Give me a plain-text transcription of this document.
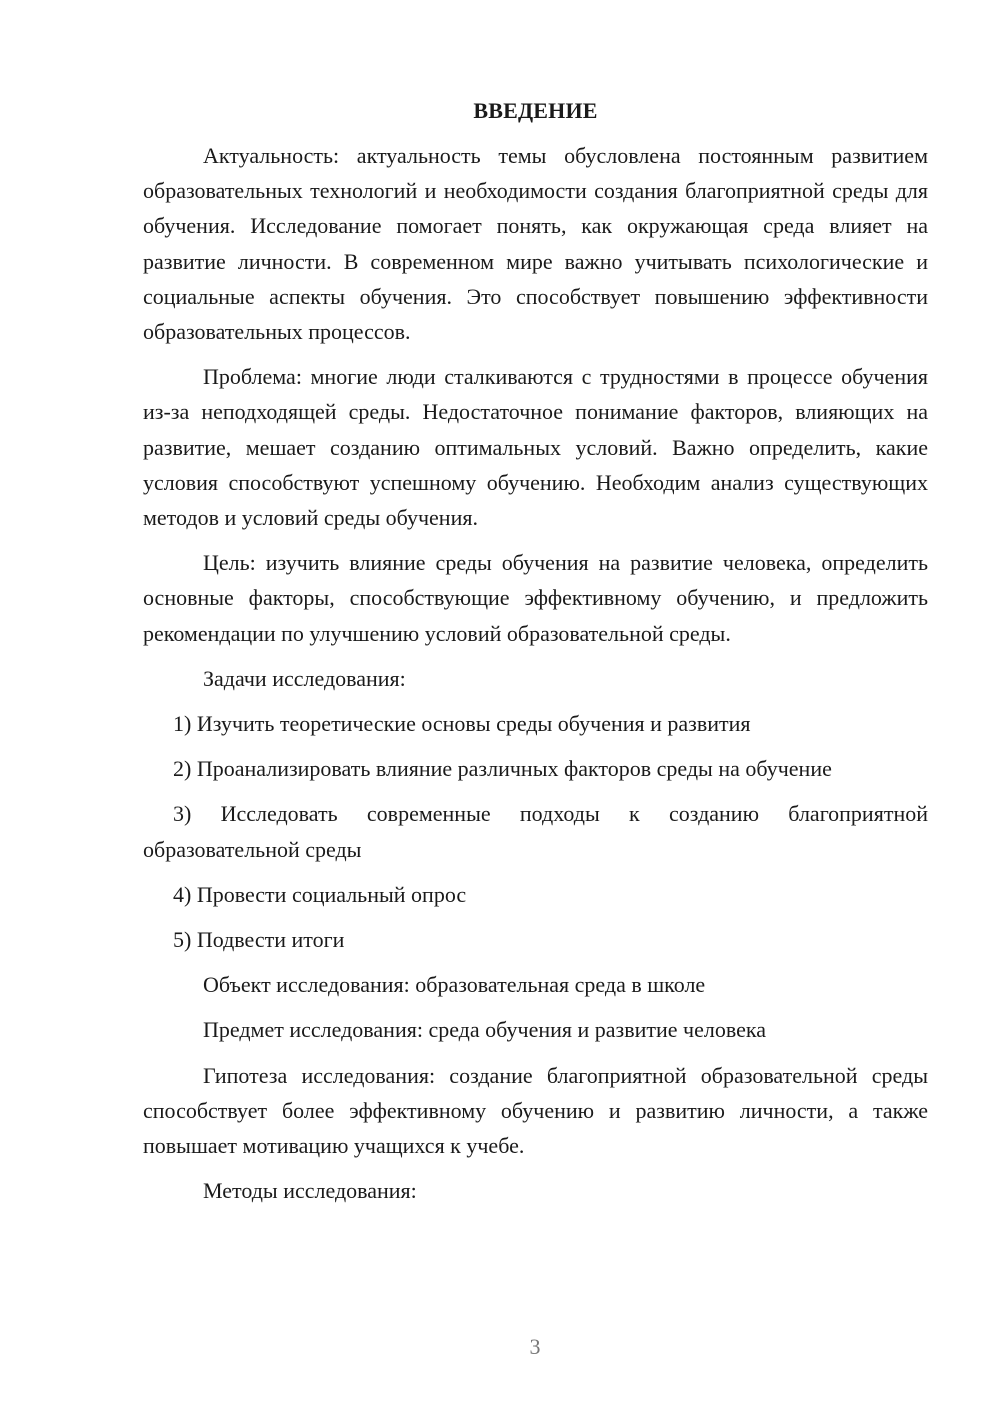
ВВЕДЕНИЕ

Актуальность: актуальность темы обусловлена постоянным развитием образовательных технологий и необходимости создания благоприятной среды для обучения. Исследование помогает понять, как окружающая среда влияет на развитие личности. В современном мире важно учитывать психологические и социальные аспекты обучения. Это способствует повышению эффективности образовательных процессов.

Проблема: многие люди сталкиваются с трудностями в процессе обучения из-за неподходящей среды. Недостаточное понимание факторов, влияющих на развитие, мешает созданию оптимальных условий. Важно определить, какие условия способствуют успешному обучению. Необходим анализ существующих методов и условий среды обучения.

Цель: изучить влияние среды обучения на развитие человека, определить основные факторы, способствующие эффективному обучению, и предложить рекомендации по улучшению условий образовательной среды.

Задачи исследования:

1) Изучить теоретические основы среды обучения и развития

2) Проанализировать влияние различных факторов среды на обучение

3) Исследовать современные подходы к созданию благоприятной образовательной среды

4) Провести социальный опрос

5) Подвести итоги

Объект исследования: образовательная среда в школе

Предмет исследования: среда обучения и развитие человека

Гипотеза исследования: создание благоприятной образовательной среды способствует более эффективному обучению и развитию личности, а также повышает мотивацию учащихся к учебе.

Методы исследования:

3
